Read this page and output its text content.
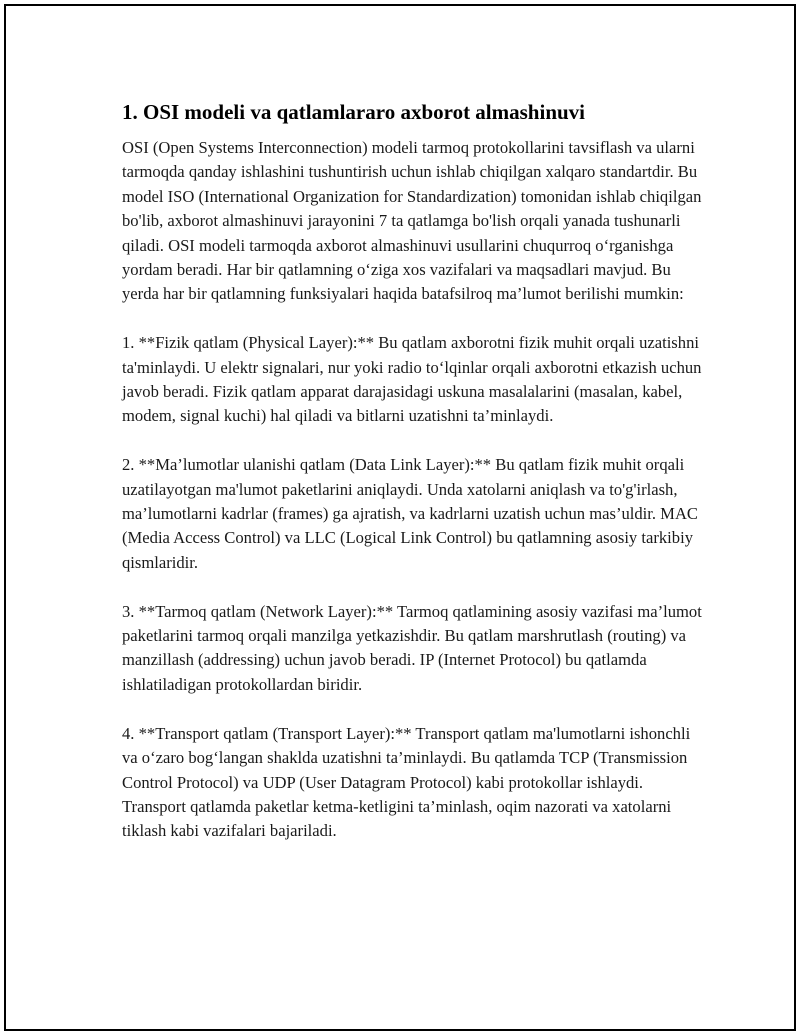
1. OSI modeli va qatlamlararo axborot almashinuvi

OSI (Open Systems Interconnection) modeli tarmoq protokollarini tavsiflash va ularni tarmoqda qanday ishlashini tushuntirish uchun ishlab chiqilgan xalqaro standartdir. Bu model ISO (International Organization for Standardization) tomonidan ishlab chiqilgan bo'lib, axborot almashinuvi jarayonini 7 ta qatlamga bo'lish orqali yanada tushunarli qiladi. OSI modeli tarmoqda axborot almashinuvi usullarini chuqurroq o‘rganishga yordam beradi. Har bir qatlamning o‘ziga xos vazifalari va maqsadlari mavjud. Bu yerda har bir qatlamning funksiyalari haqida batafsilroq ma’lumot berilishi mumkin:

1. **Fizik qatlam (Physical Layer):** Bu qatlam axborotni fizik muhit orqali uzatishni ta'minlaydi. U elektr signalari, nur yoki radio to‘lqinlar orqali axborotni etkazish uchun javob beradi. Fizik qatlam apparat darajasidagi uskuna masalalarini (masalan, kabel, modem, signal kuchi) hal qiladi va bitlarni uzatishni ta’minlaydi.

2. **Ma’lumotlar ulanishi qatlam (Data Link Layer):** Bu qatlam fizik muhit orqali uzatilayotgan ma'lumot paketlarini aniqlaydi. Unda xatolarni aniqlash va to'g'irlash, ma’lumotlarni kadrlar (frames) ga ajratish, va kadrlarni uzatish uchun mas’uldir. MAC (Media Access Control) va LLC (Logical Link Control) bu qatlamning asosiy tarkibiy qismlaridir.

3. **Tarmoq qatlam (Network Layer):** Tarmoq qatlamining asosiy vazifasi ma’lumot paketlarini tarmoq orqali manzilga yetkazishdir. Bu qatlam marshrutlash (routing) va manzillash (addressing) uchun javob beradi. IP (Internet Protocol) bu qatlamda ishlatiladigan protokollardan biridir.

4. **Transport qatlam (Transport Layer):** Transport qatlam ma'lumotlarni ishonchli va o‘zaro bog‘langan shaklda uzatishni ta’minlaydi. Bu qatlamda TCP (Transmission Control Protocol) va UDP (User Datagram Protocol) kabi protokollar ishlaydi. Transport qatlamda paketlar ketma-ketligini ta’minlash, oqim nazorati va xatolarni tiklash kabi vazifalari bajariladi.
